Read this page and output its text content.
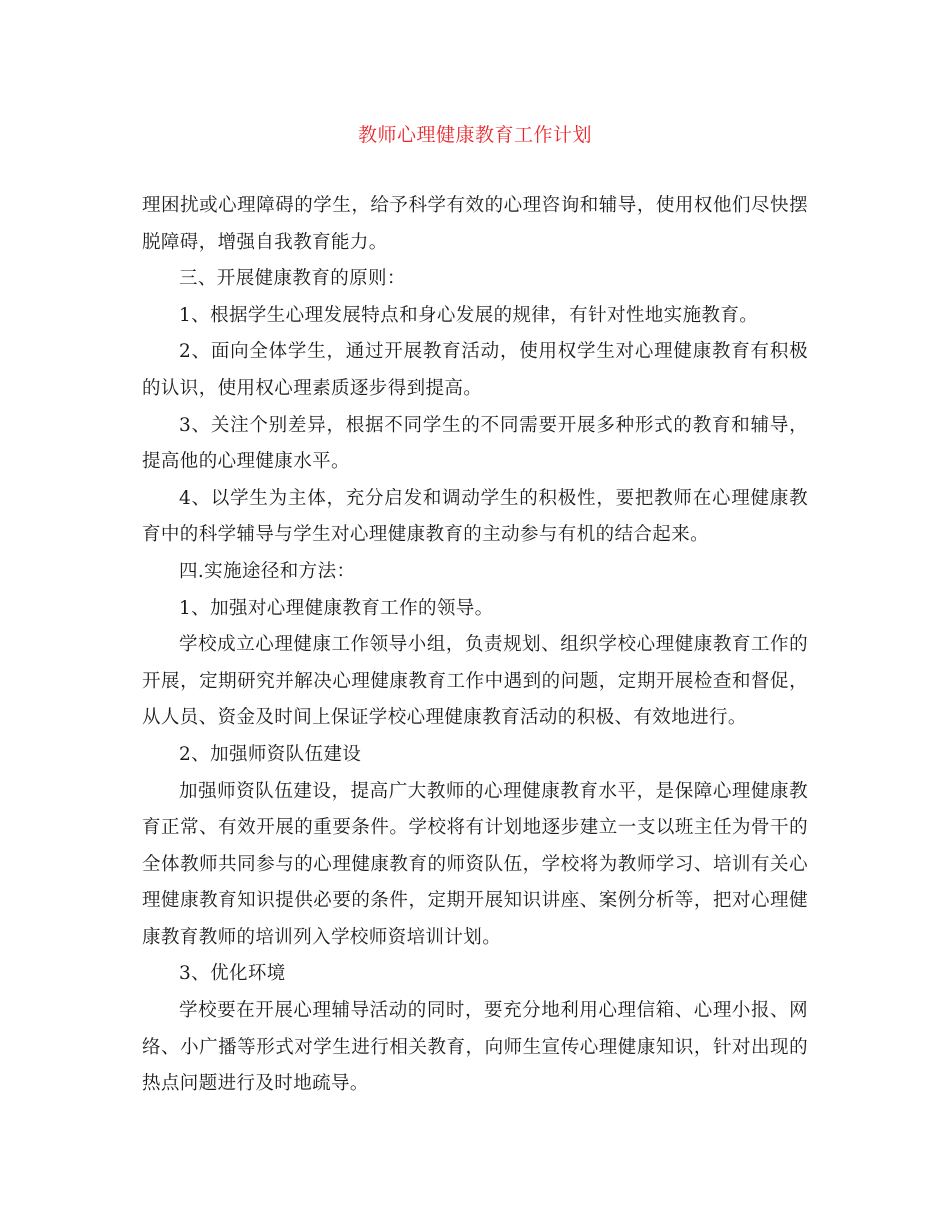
教师心理健康教育工作计划

理困扰或心理障碍的学生，给予科学有效的心理咨询和辅导，使用权他们尽快摆脱障碍，增强自我教育能力。

三、开展健康教育的原则：

1、根据学生心理发展特点和身心发展的规律，有针对性地实施教育。

2、面向全体学生，通过开展教育活动，使用权学生对心理健康教育有积极的认识，使用权心理素质逐步得到提高。

3、关注个别差异，根据不同学生的不同需要开展多种形式的教育和辅导，提高他的心理健康水平。

4、以学生为主体，充分启发和调动学生的积极性，要把教师在心理健康教育中的科学辅导与学生对心理健康教育的主动参与有机的结合起来。

四.实施途径和方法：

1、加强对心理健康教育工作的领导。

学校成立心理健康工作领导小组，负责规划、组织学校心理健康教育工作的开展，定期研究并解决心理健康教育工作中遇到的问题，定期开展检查和督促，从人员、资金及时间上保证学校心理健康教育活动的积极、有效地进行。

2、加强师资队伍建设

加强师资队伍建设，提高广大教师的心理健康教育水平，是保障心理健康教育正常、有效开展的重要条件。学校将有计划地逐步建立一支以班主任为骨干的全体教师共同参与的心理健康教育的师资队伍，学校将为教师学习、培训有关心理健康教育知识提供必要的条件，定期开展知识讲座、案例分析等，把对心理健康教育教师的培训列入学校师资培训计划。

3、优化环境

学校要在开展心理辅导活动的同时，要充分地利用心理信箱、心理小报、网络、小广播等形式对学生进行相关教育，向师生宣传心理健康知识，针对出现的热点问题进行及时地疏导。
